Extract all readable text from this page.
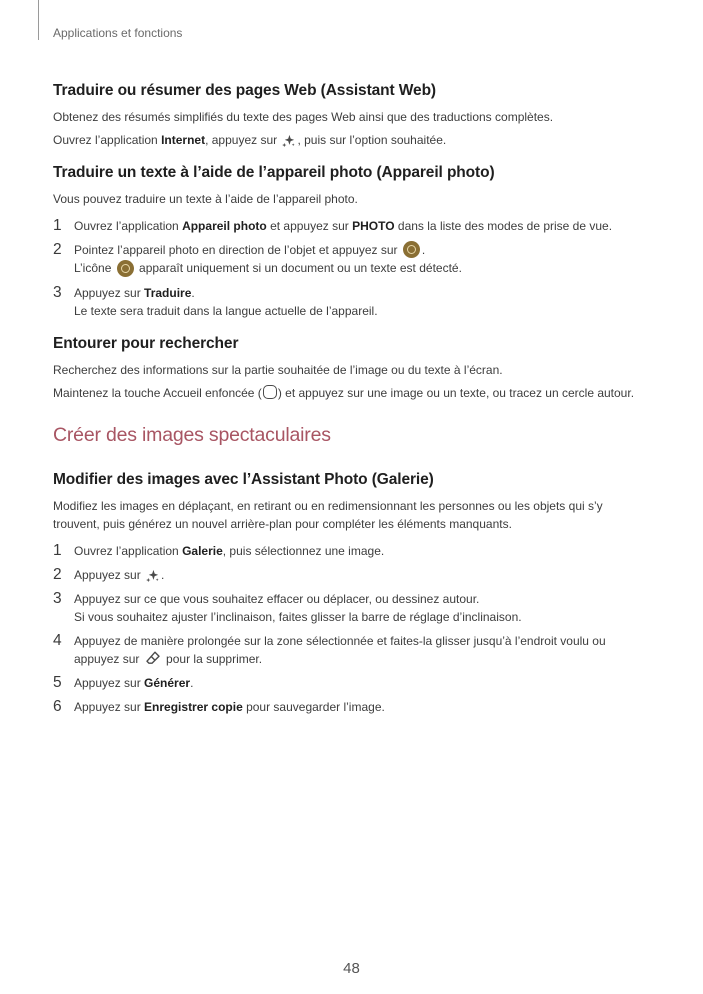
Applications et fonctions
Traduire ou résumer des pages Web (Assistant Web)

Obtenez des résumés simplifiés du texte des pages Web ainsi que des traductions complètes.

Ouvrez l’application Internet, appuyez sur
, puis sur l’option souhaitée.

Traduire un texte à l’aide de l’appareil photo (Appareil photo)

Vous pouvez traduire un texte à l’aide de l’appareil photo.

1	Ouvrez l’application Appareil photo et appuyez sur PHOTO dans la liste des modes de prise de vue.
2	Pointez l’appareil photo en direction de l’objet et appuyez sur .
L’icône  apparaît uniquement si un document ou un texte est détecté.
3	Appuyez sur Traduire.
Le texte sera traduit dans la langue actuelle de l’appareil.
Entourer pour rechercher

Recherchez des informations sur la partie souhaitée de l’image ou du texte à l’écran.

Maintenez la touche Accueil enfoncée ( ) et appuyez sur une image ou un texte, ou tracez un cercle autour.

Créer des images spectaculaires
Modifier des images avec l’Assistant Photo (Galerie)

Modifiez les images en déplaçant, en retirant ou en redimensionnant les personnes ou les objets qui s’y trouvent, puis générez un nouvel arrière-plan pour compléter les éléments manquants.

1	Ouvrez l’application Galerie, puis sélectionnez une image.
2	Appuyez sur
.
3	Appuyez sur ce que vous souhaitez effacer ou déplacer, ou dessinez autour.
Si vous souhaitez ajuster l’inclinaison, faites glisser la barre de réglage d’inclinaison.
4	Appuyez de manière prolongée sur la zone sélectionnée et faites-la glisser jusqu’à l’endroit voulu ou appuyez sur
pour la supprimer.
5	Appuyez sur Générer.
6	Appuyez sur Enregistrer copie pour sauvegarder l’image.
48
